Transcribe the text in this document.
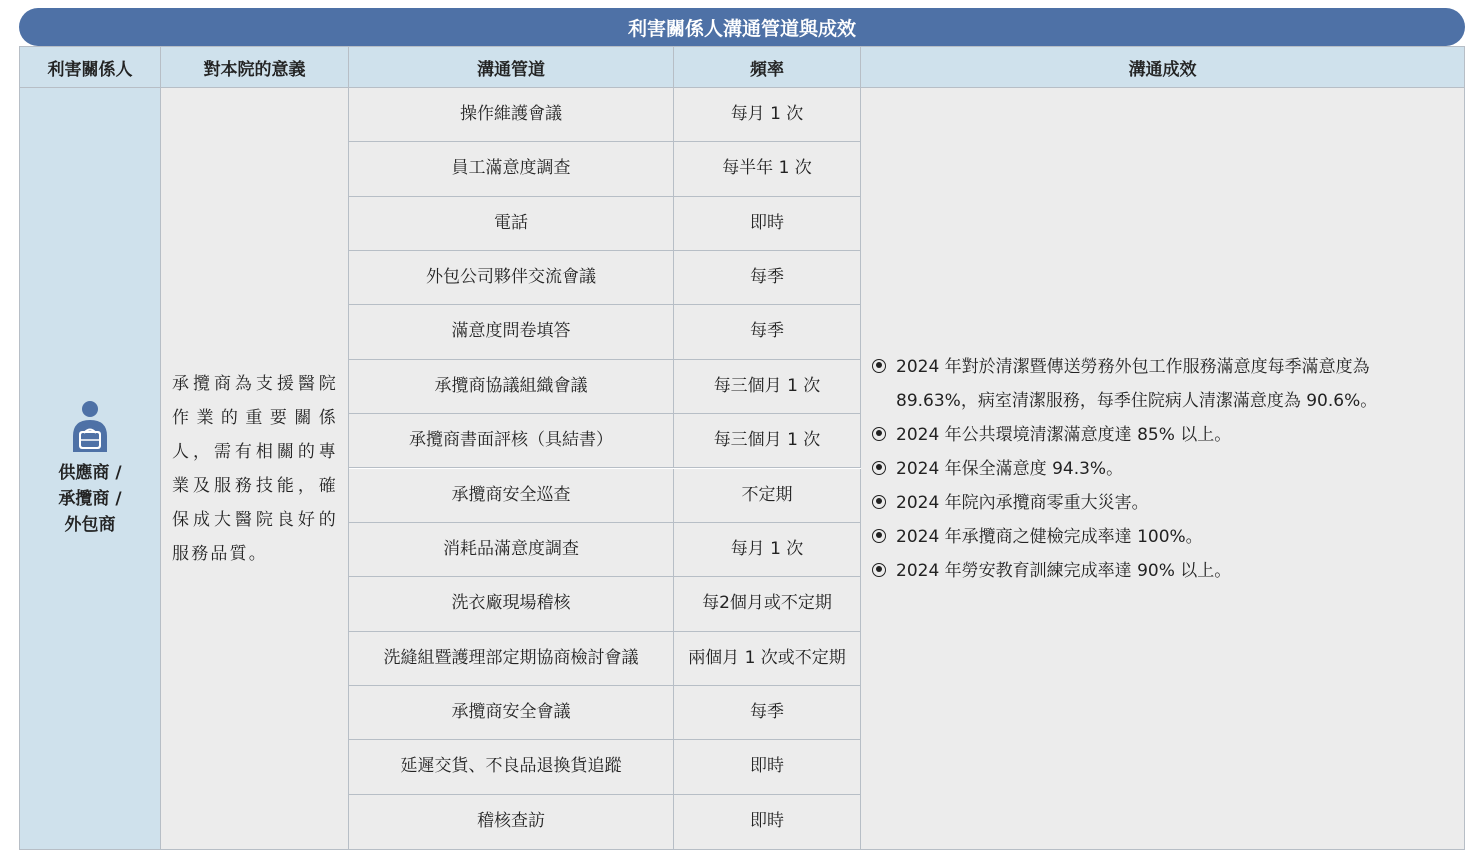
利害關係人溝通管道與成效
利害關係人	對本院的意義	溝通管道	頻率	溝通成效
供應商 /
承攬商 /
外包商
承攬商為支援醫院作業的重要關係人，需有相關的專業及服務技能，確保成大醫院良好的服務品質。
操作維護會議	每月 1 次
員工滿意度調查	每半年 1 次
電話	即時
外包公司夥伴交流會議	每季
滿意度問卷填答	每季
承攬商協議組織會議	每三個月 1 次
承攬商書面評核（具結書）	每三個月 1 次
承攬商安全巡查	不定期
消耗品滿意度調查	每月 1 次
洗衣廠現場稽核	每2個月或不定期
洗縫組暨護理部定期協商檢討會議	兩個月 1 次或不定期
承攬商安全會議	每季
延遲交貨、不良品退換貨追蹤	即時
稽核查訪	即時
2024 年對於清潔暨傳送勞務外包工作服務滿意度每季滿意度為 89.63%，病室清潔服務，每季住院病人清潔滿意度為 90.6%。
2024 年公共環境清潔滿意度達 85% 以上。
2024 年保全滿意度 94.3%。
2024 年院內承攬商零重大災害。
2024 年承攬商之健檢完成率達 100%。
2024 年勞安教育訓練完成率達 90% 以上。
